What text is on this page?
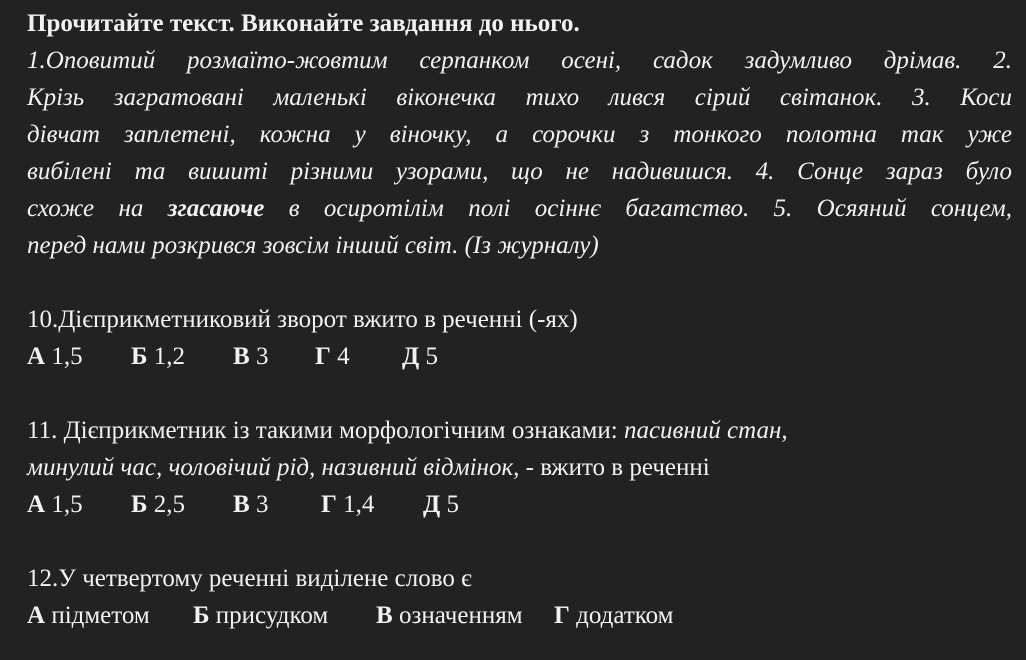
Прочитайте текст. Виконайте завдання до нього.
1.Оповитий розмаїто-жовтим серпанком осені, садок задумливо дрімав. 2.
Крізь загратовані маленькі віконечка тихо лився сірий світанок. 3. Коси
дівчат заплетені, кожна у віночку, а сорочки з тонкого полотна так уже
вибілені та вишиті різними узорами, що не надивишся. 4. Сонце зараз було
схоже на згасаюче в осиротілім полі осіннє багатство. 5. Осяяний сонцем,
перед нами розкрився зовсім інший світ. (Із журналу)
10.Дієприкметниковий зворот вжито в реченні (-ях)
А 1,5 Б 1,2 В 3 Г 4 Д 5
11. Дієприкметник із такими морфологічним ознаками: пасивний стан,
минулий час, чоловічий рід, називний відмінок, - вжито в реченні
А 1,5 Б 2,5 В 3 Г 1,4 Д 5
12.У четвертому реченні виділене слово є
А підметом Б присудком В означенням Г додатком
